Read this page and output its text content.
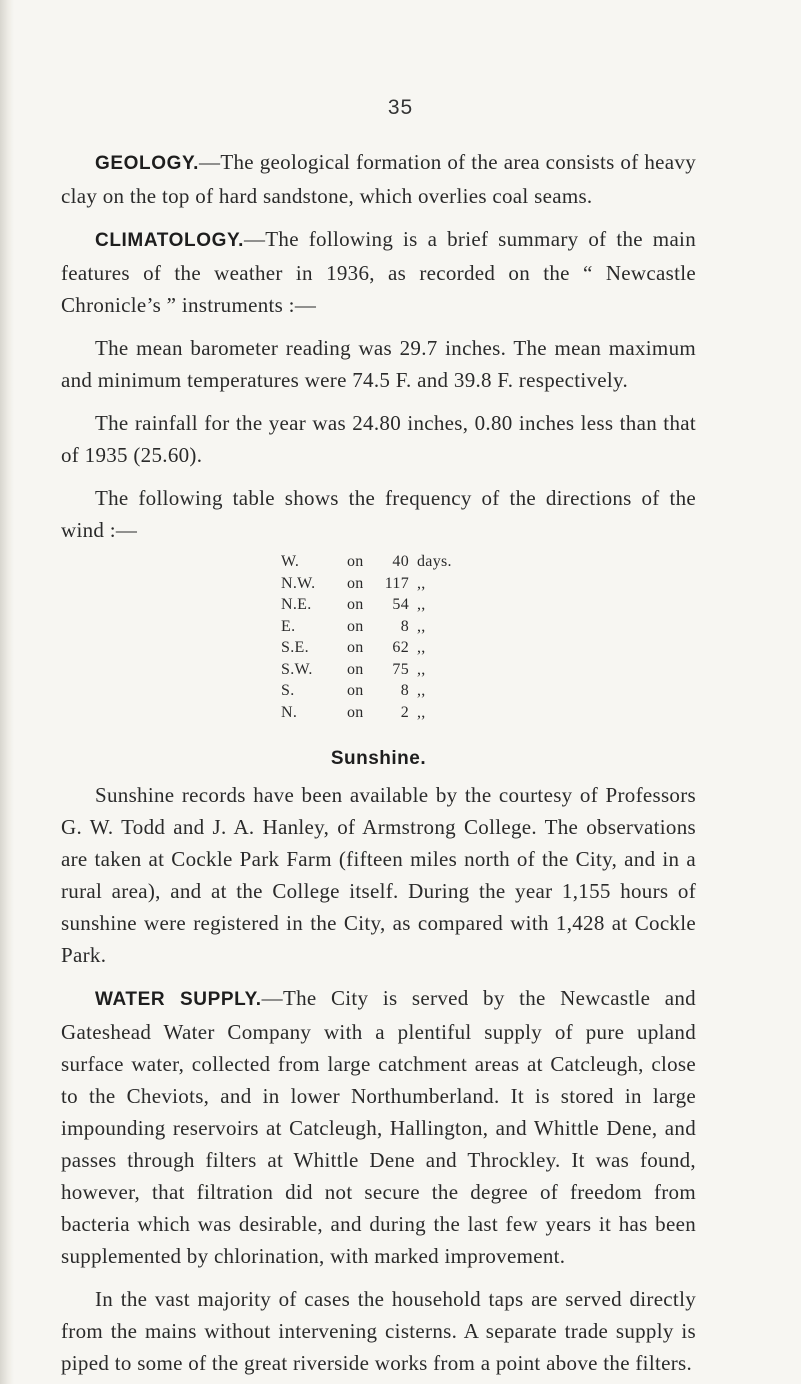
35

GEOLOGY.—The geological formation of the area consists of heavy clay on the top of hard sandstone, which overlies coal seams.

CLIMATOLOGY.—The following is a brief summary of the main features of the weather in 1936, as recorded on the “ Newcastle Chronicle’s ” instruments :—

The mean barometer reading was 29.7 inches. The mean maximum and minimum temperatures were 74.5 F. and 39.8 F. respectively.

The rainfall for the year was 24.80 inches, 0.80 inches less than that of 1935 (25.60).

The following table shows the frequency of the directions of the wind :—

W.	on	40 days.
N.W.	on	117 ,,
N.E.	on	54 ,,
E.	on	8 ,,
S.E.	on	62 ,,
S.W.	on	75 ,,
S.	on	8 ,,
N.	on	2 ,,
Sunshine.

Sunshine records have been available by the courtesy of Professors G. W. Todd and J. A. Hanley, of Armstrong College. The observations are taken at Cockle Park Farm (fifteen miles north of the City, and in a rural area), and at the College itself. During the year 1,155 hours of sunshine were registered in the City, as compared with 1,428 at Cockle Park.

WATER SUPPLY.—The City is served by the Newcastle and Gateshead Water Company with a plentiful supply of pure upland surface water, collected from large catchment areas at Catcleugh, close to the Cheviots, and in lower Northumberland. It is stored in large impounding reservoirs at Catcleugh, Hallington, and Whittle Dene, and passes through filters at Whittle Dene and Throckley. It was found, however, that filtration did not secure the degree of freedom from bacteria which was desirable, and during the last few years it has been supplemented by chlorination, with marked improvement.

In the vast majority of cases the household taps are served directly from the mains without intervening cisterns. A separate trade supply is piped to some of the great riverside works from a point above the filters.
